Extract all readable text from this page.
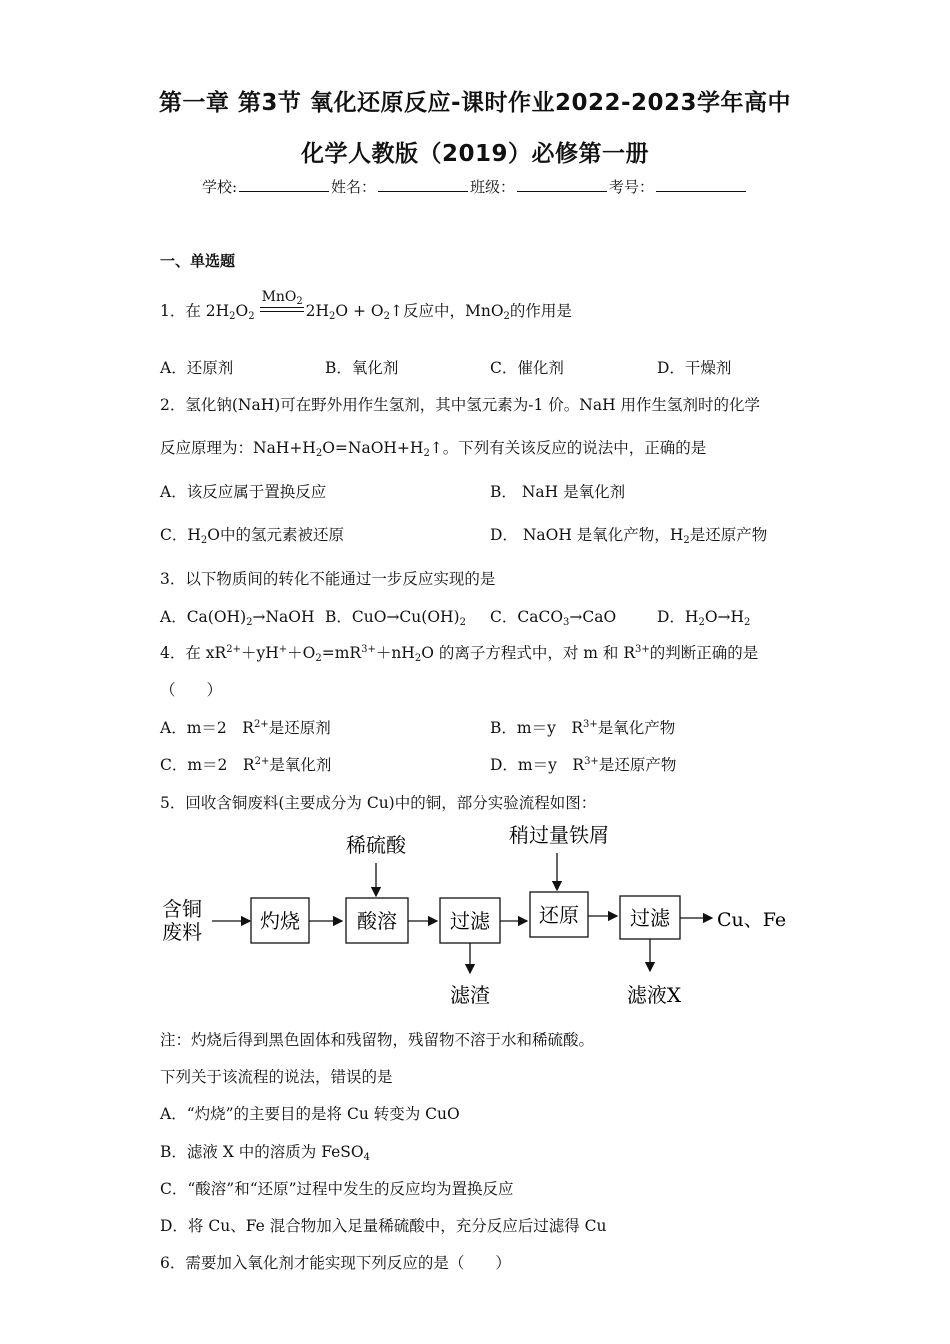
第一章 第3节 氧化还原反应-课时作业2022-2023学年高中
化学人教版（2019）必修第一册
学校:	姓名：	班级：	考号：
一、单选题
1．在 $2H_2O_2$
MnO$_2$
$2H_2O$ + $O_2↑$反应中，MnO$_2$的作用是
A．还原剂	B．氧化剂	C．催化剂	D．干燥剂
2．氢化钠(NaH)可在野外用作生氢剂，其中氢元素为-1 价。NaH 用作生氢剂时的化学
反应原理为：$NaH+H_2O=NaOH+H_2↑$。下列有关该反应的说法中，正确的是
A．该反应属于置换反应	B． NaH 是氧化剂
C．$H_2O$中的氢元素被还原	D． NaOH 是氧化产物，$H_2$是还原产物
3．以下物质间的转化不能通过一步反应实现的是
A．$Ca(OH)_2\to NaOH$ B．$CuO\to Cu(OH)_2$ C．CaCO$_3$→CaO	D．$H_2O\to H_2$
4．在 $xR^{2+}+yH^++O_2=mR^{3+}+nH_2O$ 的离子方程式中，对 m 和 $R^{3+}$的判断正确的是
（　　）
A．m＝2　$R^{2+}$是还原剂	B．m＝y　$R^{3+}$是氧化产物
C．m＝2　$R^{2+}$是氧化剂	D．m＝y　$R^{3+}$是还原产物
5．回收含铜废料(主要成分为 Cu)中的铜，部分实验流程如图：
含铜
废料	灼烧
稀硫酸
酸溶	过滤
滤渣
稍过量铁屑
还原	过滤
滤液X
Cu、Fe
注：灼烧后得到黑色固体和残留物，残留物不溶于水和稀硫酸。
下列关于该流程的说法，错误的是
A．“灼烧”的主要目的是将 Cu 转变为 CuO
B．滤液 X 中的溶质为 FeSO$_4$
C．“酸溶”和“还原”过程中发生的反应均为置换反应
D．将 Cu、Fe 混合物加入足量稀硫酸中，充分反应后过滤得 Cu
6．需要加入氧化剂才能实现下列反应的是（　　）
